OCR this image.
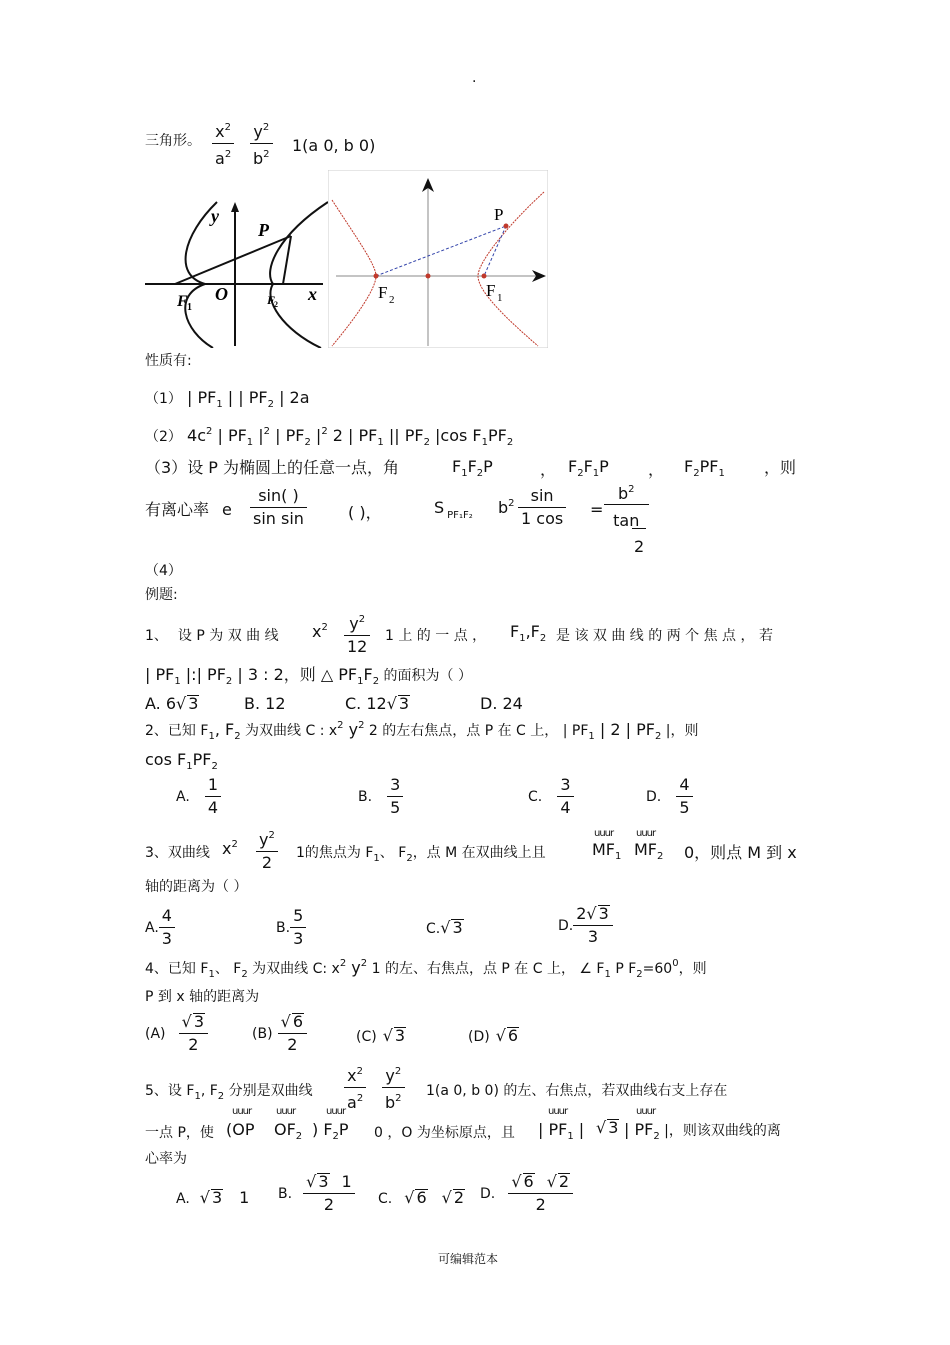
.
三角形。 $\frac{x^2}{a^2} \frac{y^2}{b^2} 1(a$ 0, b 0)
y
P
O	x
F 1
F
2
P
F 2	F 1
性质有:
（1） | $PF_1$ | | $PF_2$ | 2a
（2） $4c^2$ | $PF_1$ $|^2$ | $PF_2$ $|^2$ 2 | $PF_1$ || $PF_2$ |cos $F_1PF_2$
（3）设 P 为椭圆上的任意一点，角	$F_1F_2P$	， $F_2F_1P$ ， $F_2PF_1$ ，则
有离心率 e $\frac{\sin( )}{\text{sin sin}}$	( )，	S $_{PF_1F_2}$ $b^2 \frac{\sin}{1 \cos} = \frac{b^2}{\tan}$
2
（4）
例题:
1、 设 P 为 双 曲 线 $x^2 \frac{y^2}{12} 1$ 上 的 一 点 ， $F_1,F_2$ 是 该 双 曲 线 的 两 个 焦 点 ， 若
| $PF_1$ |:| $PF_2$ | 3 : 2，则 △ $PF_1F_2$ 的面积为（ ）
A. 6√ 3	B. 12	C. 12√ 3	D. 24
2、已知 $F_1$, $F_2$ 为双曲线 C : $x^2$ $y^2$ 2 的左右焦点，点 P 在 C 上， | $PF_1$ | 2 | $PF_2$ |，则
$\cos F_1PF_2$
A. $\frac{1}{4}$	B. $\frac{3}{5}$	C. $\frac{3}{4}$	D. $\frac{4}{5}$
3、双曲线 $x^2 \frac{y^2}{2} 1$的焦点为 $F_1$、 $F_2$，点 M 在双曲线上且
uuur
$MF_1$
uuur
$MF_2$ 0，则点 M 到 x
轴的距离为（ ）
A. $\frac{4}{3}$	B. $\frac{5}{3}$	C.√ 3	D. $\frac{2√ 3}{3}$
4、已知 $F_1$、 $F_2$ 为双曲线 C: $x^2$ $y^2$ 1 的左、右焦点，点 P 在 C 上， ∠ $F_1$ P $F_2=60^0$，则
P 到 x 轴的距离为
$(A) \frac{√ 3}{2}$	$(B) \frac{√ 6}{2}$	(C) √ 3	(D) √ 6
5、设 $F_1$, $F_2$ 分别是双曲线 $\frac{x^2}{a^2} \frac{y^2}{b^2} 1(a$ 0, b 0) 的左、右焦点，若双曲线右支上存在
一点 P，使
uuur
(OP
uuur
$OF_2$
uuur
) $F_2P$ 0 ，O 为坐标原点，且
uuur
| $PF_1$ | √ 3
uuur
| $PF_2$ |，则该双曲线的离
心率为
A. √ 3 1 B. $\frac{√ 3 1}{2} C$. √ 6 √ 2 D. $\frac{√ 6 √ 2}{2}$
可编辑范本
